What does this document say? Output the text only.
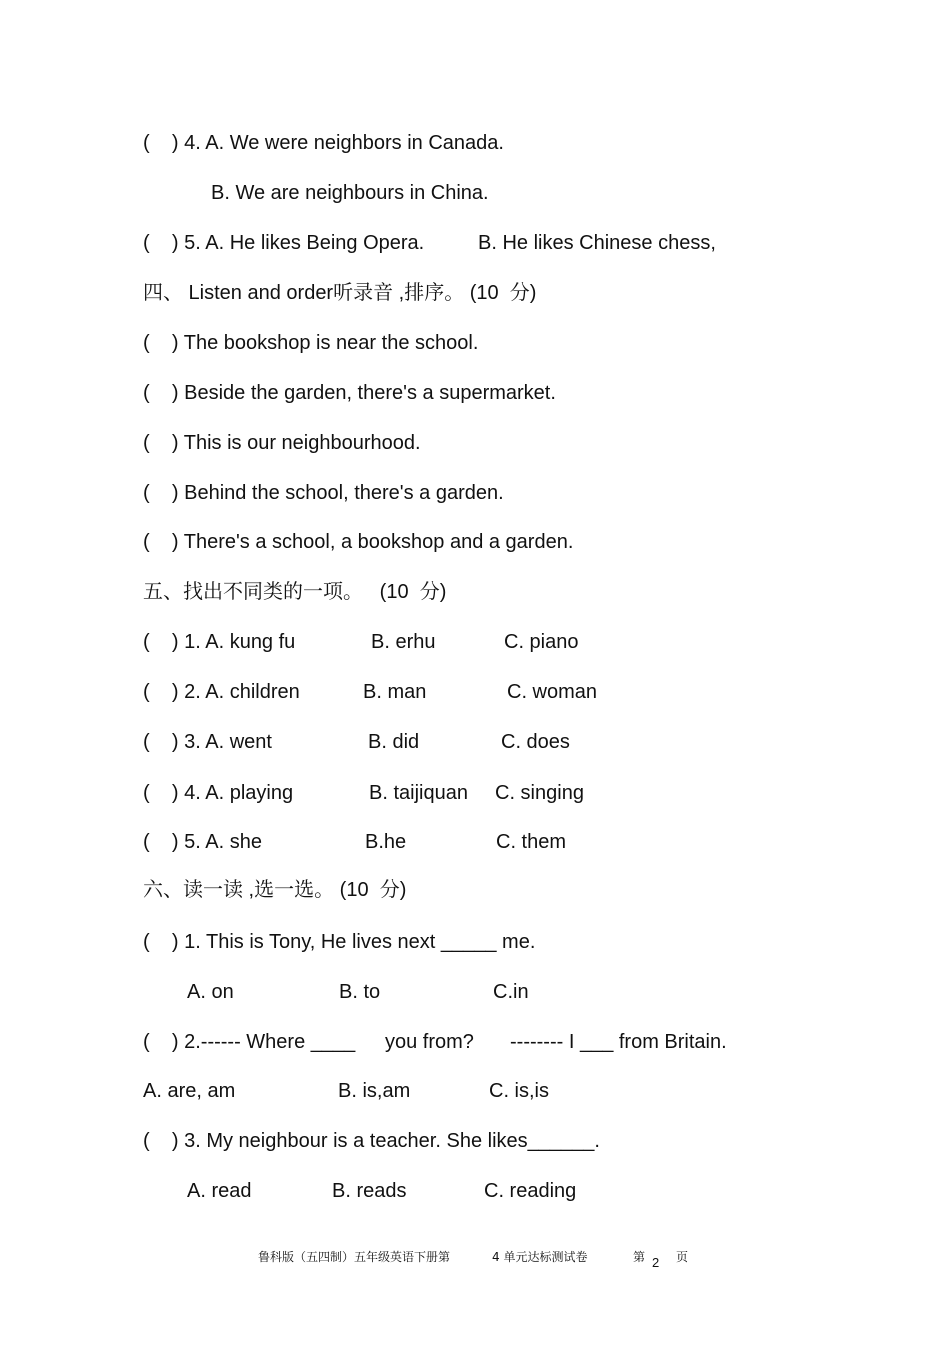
(    ) 4. A. We were neighbors in Canada.
B. We are neighbours in China.
(    ) 5. A. He likes Being Opera.	B. He likes Chinese chess,
四、 Listen and order听录音 ,排序。 (10  分)
(    ) The bookshop is near the school.
(    ) Beside the garden, there's a supermarket.
(    ) This is our neighbourhood.
(    ) Behind the school, there's a garden.
(    ) There's a school, a bookshop and a garden.
五、找出不同类的一项。   (10  分)
(    ) 1. A. kung fu	B. erhu	C. piano
(    ) 2. A. children	B. man	C. woman
(    ) 3. A. went	B. did	C. does
(    ) 4. A. playing	B. taijiquan C. singing
(    ) 5. A. she	B.he	C. them
六、读一读 ,选一选。 (10  分)
(    ) 1. This is Tony, He lives next _____ me.
A. on	B. to	C.in
(    ) 2.------ Where ____ you from? -------- I ___ from Britain.
A. are, am	B. is,am	C. is,is
(    ) 3. My neighbour is a teacher. She likes______.
A. read	B. reads	C. reading
鲁科版（五四制）五年级英语下册第	4 单元达标测试卷	第 2 页
